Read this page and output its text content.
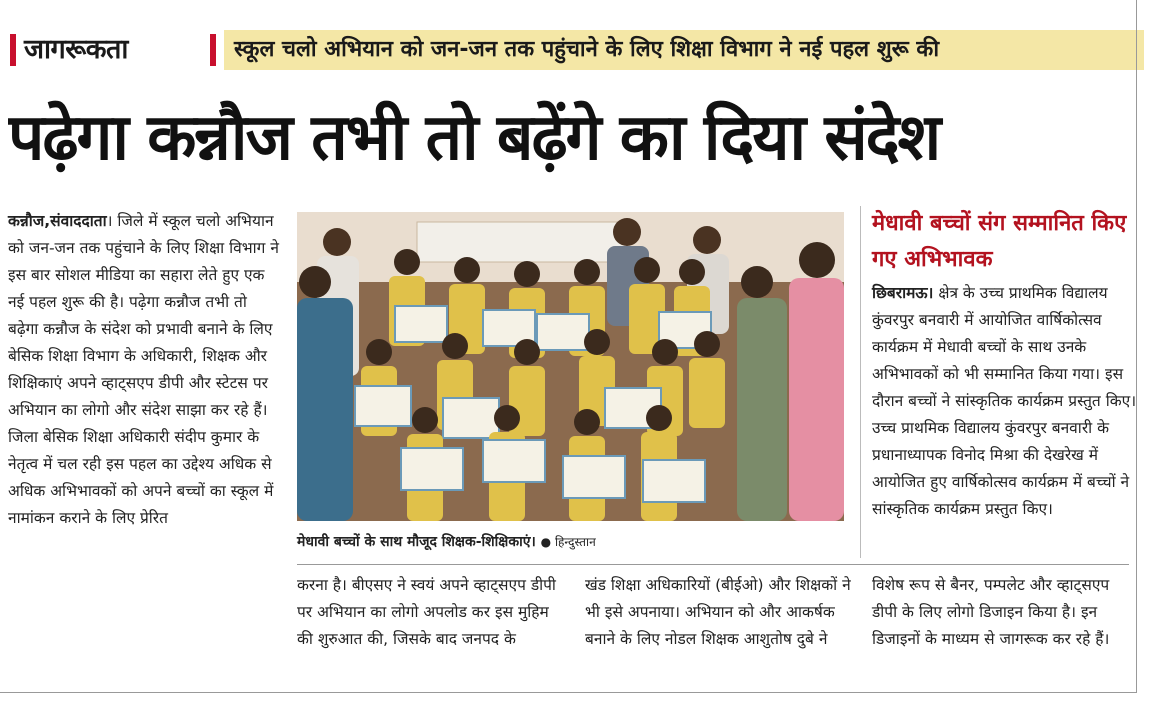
जागरूकता	स्कूल चलो अभियान को जन-जन तक पहुंचाने के लिए शिक्षा विभाग ने नई पहल शुरू की
पढ़ेगा कन्नौज तभी तो बढ़ेंगे का दिया संदेश

कन्नौज,संवाददाता। जिले में स्कूल चलो अभियान को जन-जन तक पहुंचाने के लिए शिक्षा विभाग ने इस बार सोशल मीडिया का सहारा लेते हुए एक नई पहल शुरू की है। पढ़ेगा कन्नौज तभी तो बढ़ेगा कन्नौज के संदेश को प्रभावी बनाने के लिए बेसिक शिक्षा विभाग के अधिकारी, शिक्षक और शिक्षिकाएं अपने व्हाट्सएप डीपी और स्टेटस पर अभियान का लोगो और संदेश साझा कर रहे हैं।

जिला बेसिक शिक्षा अधिकारी संदीप कुमार के नेतृत्व में चल रही इस पहल का उद्देश्य अधिक से अधिक अभिभावकों को अपने बच्चों का स्कूल में नामांकन कराने के लिए प्रेरित

मेधावी बच्चों के साथ मौजूद शिक्षक-शिक्षिकाएं। ● हिन्दुस्तान
मेधावी बच्चों संग सम्मानित किए गए अभिभावक

छिबरामऊ। क्षेत्र के उच्च प्राथमिक विद्यालय कुंवरपुर बनवारी में आयोजित वार्षिकोत्सव कार्यक्रम में मेधावी बच्चों के साथ उनके अभिभावकों को भी सम्मानित किया गया। इस दौरान बच्चों ने सांस्कृतिक कार्यक्रम प्रस्तुत किए। उच्च प्राथमिक विद्यालय कुंवरपुर बनवारी के प्रधानाध्यापक विनोद मिश्रा की देखरेख में आयोजित हुए वार्षिकोत्सव कार्यक्रम में बच्चों ने सांस्कृतिक कार्यक्रम प्रस्तुत किए।

करना है। बीएसए ने स्वयं अपने व्हाट्सएप डीपी पर अभियान का लोगो अपलोड कर इस मुहिम की शुरुआत की, जिसके बाद जनपद के

खंड शिक्षा अधिकारियों (बीईओ) और शिक्षकों ने भी इसे अपनाया। अभियान को और आकर्षक बनाने के लिए नोडल शिक्षक आशुतोष दुबे ने

विशेष रूप से बैनर, पम्पलेट और व्हाट्सएप डीपी के लिए लोगो डिजाइन किया है। इन डिजाइनों के माध्यम से जागरूक कर रहे हैं।
